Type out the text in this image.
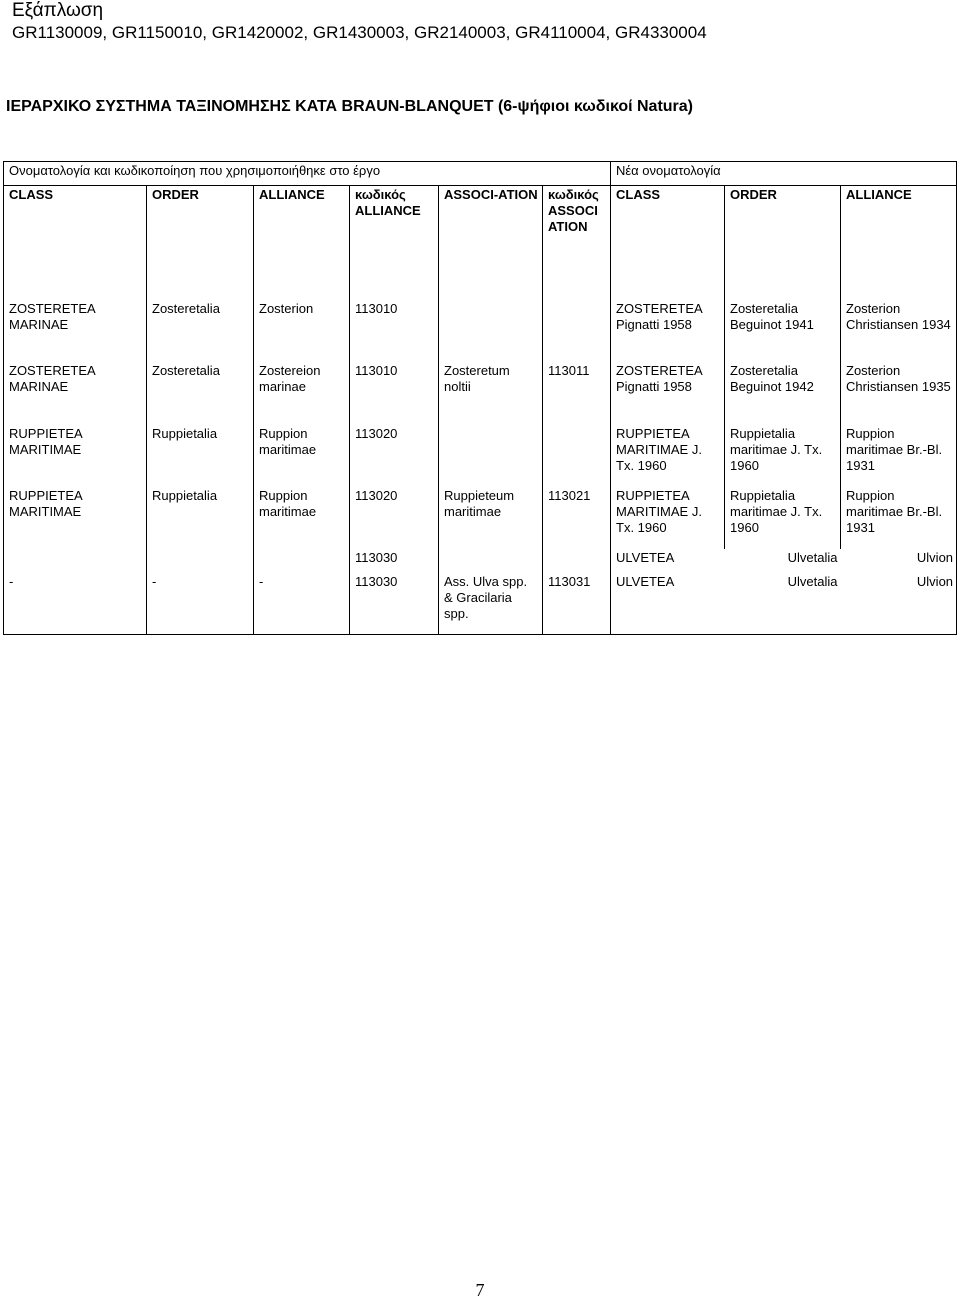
Εξάπλωση
GR1130009, GR1150010, GR1420002, GR1430003, GR2140003, GR4110004, GR4330004
ΙΕΡΑΡΧΙΚΟ ΣΥΣΤΗΜΑ ΤΑΞΙΝΟΜΗΣΗΣ ΚΑΤΑ BRAUN-BLANQUET (6-ψήφιοι κωδικοί Natura)
Ονοματολογία και κωδικοποίηση που χρησιμοποιήθηκε στο έργο						Νέα ονοματολογία		
CLASS	ORDER	ALLIANCE	κωδικός ALLIANCE	ASSOCI-ATION	κωδικός ASSOCI ATION	CLASS	ORDER	ALLIANCE
ZOSTERETEA MARINAE	Zosteretalia	Zosterion	113010			ZOSTERETEA Pignatti 1958	Zosteretalia Beguinot 1941	Zosterion Christiansen 1934
ZOSTERETEA MARINAE	Zosteretalia	Zostereion marinae	113010	Zosteretum noltii	113011	ZOSTERETEA Pignatti 1958	Zosteretalia Beguinot 1942	Zosterion Christiansen 1935
RUPPIETEA MARITIMAE	Ruppietalia	Ruppion maritimae	113020			RUPPIETEA MARITIMAE J. Tx. 1960	Ruppietalia maritimae J. Tx. 1960	Ruppion maritimae Br.-Bl. 1931
RUPPIETEA MARITIMAE	Ruppietalia	Ruppion maritimae	113020	Ruppieteum maritimae	113021	RUPPIETEA MARITIMAE J. Tx. 1960	Ruppietalia maritimae J. Tx. 1960	Ruppion maritimae Br.-Bl. 1931
			113030			ULVETEA	Ulvetalia	Ulvion
-	-	-	113030	Ass. Ulva spp. & Gracilaria spp.	113031	ULVETEA	Ulvetalia	Ulvion
7
